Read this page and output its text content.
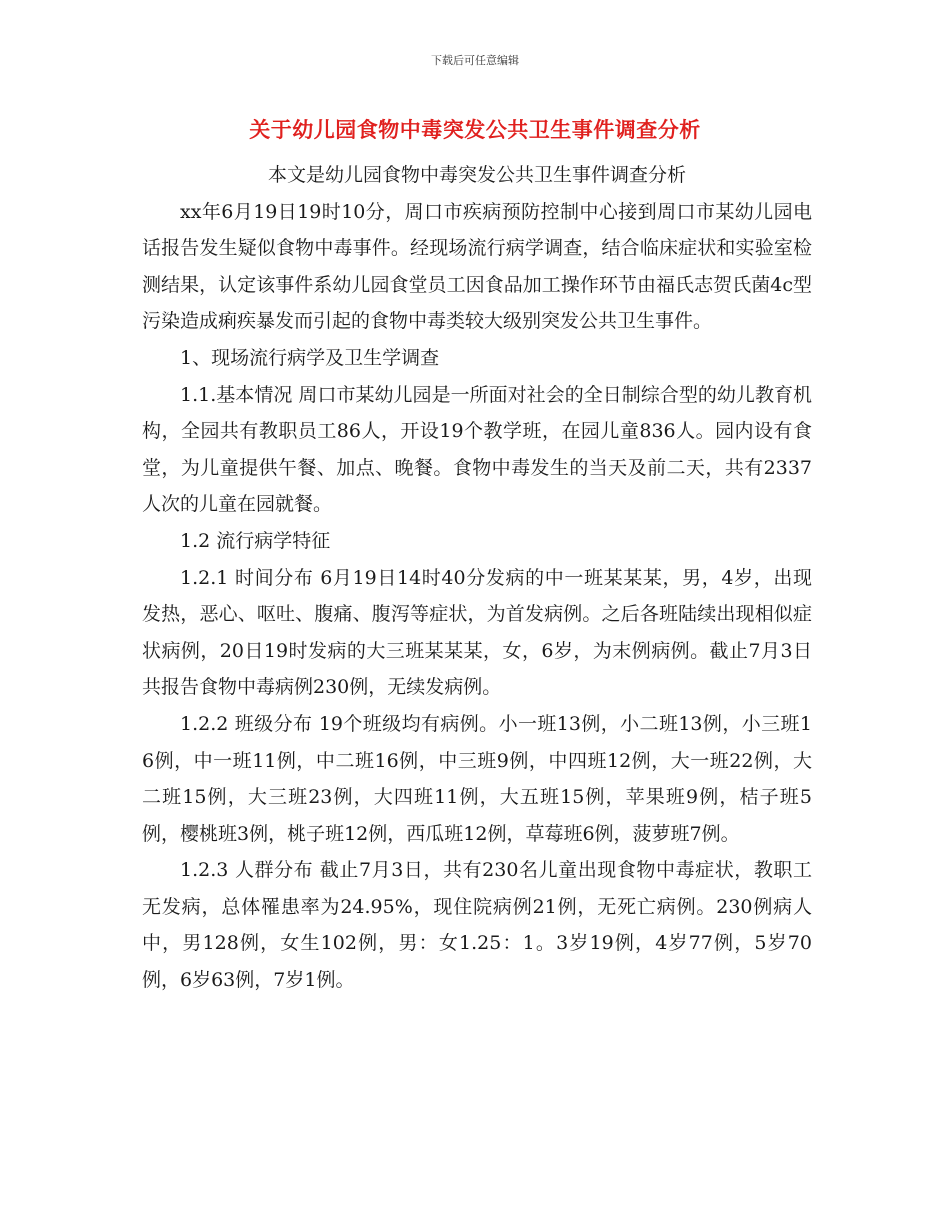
下载后可任意编辑
关于幼儿园食物中毒突发公共卫生事件调查分析

本文是幼儿园食物中毒突发公共卫生事件调查分析

xx年6月19日19时10分，周口市疾病预防控制中心接到周口市某幼儿园电话报告发生疑似食物中毒事件。经现场流行病学调查，结合临床症状和实验室检测结果，认定该事件系幼儿园食堂员工因食品加工操作环节由福氏志贺氏菌4c型污染造成痢疾暴发而引起的食物中毒类较大级别突发公共卫生事件。

1、现场流行病学及卫生学调查

1.1.基本情况 周口市某幼儿园是一所面对社会的全日制综合型的幼儿教育机构，全园共有教职员工86人，开设19个教学班，在园儿童836人。园内设有食堂，为儿童提供午餐、加点、晚餐。食物中毒发生的当天及前二天，共有2337人次的儿童在园就餐。

1.2 流行病学特征

1.2.1 时间分布 6月19日14时40分发病的中一班某某某，男，4岁，出现发热，恶心、呕吐、腹痛、腹泻等症状，为首发病例。之后各班陆续出现相似症状病例，20日19时发病的大三班某某某，女，6岁，为末例病例。截止7月3日共报告食物中毒病例230例，无续发病例。

1.2.2 班级分布 19个班级均有病例。小一班13例，小二班13例，小三班16例，中一班11例，中二班16例，中三班9例，中四班12例，大一班22例，大二班15例，大三班23例，大四班11例，大五班15例，苹果班9例，桔子班5例，樱桃班3例，桃子班12例，西瓜班12例，草莓班6例，菠萝班7例。

1.2.3 人群分布 截止7月3日，共有230名儿童出现食物中毒症状，教职工无发病，总体罹患率为24.95%，现住院病例21例，无死亡病例。230例病人中，男128例，女生102例，男：女1.25：1。3岁19例，4岁77例，5岁70例，6岁63例，7岁1例。
